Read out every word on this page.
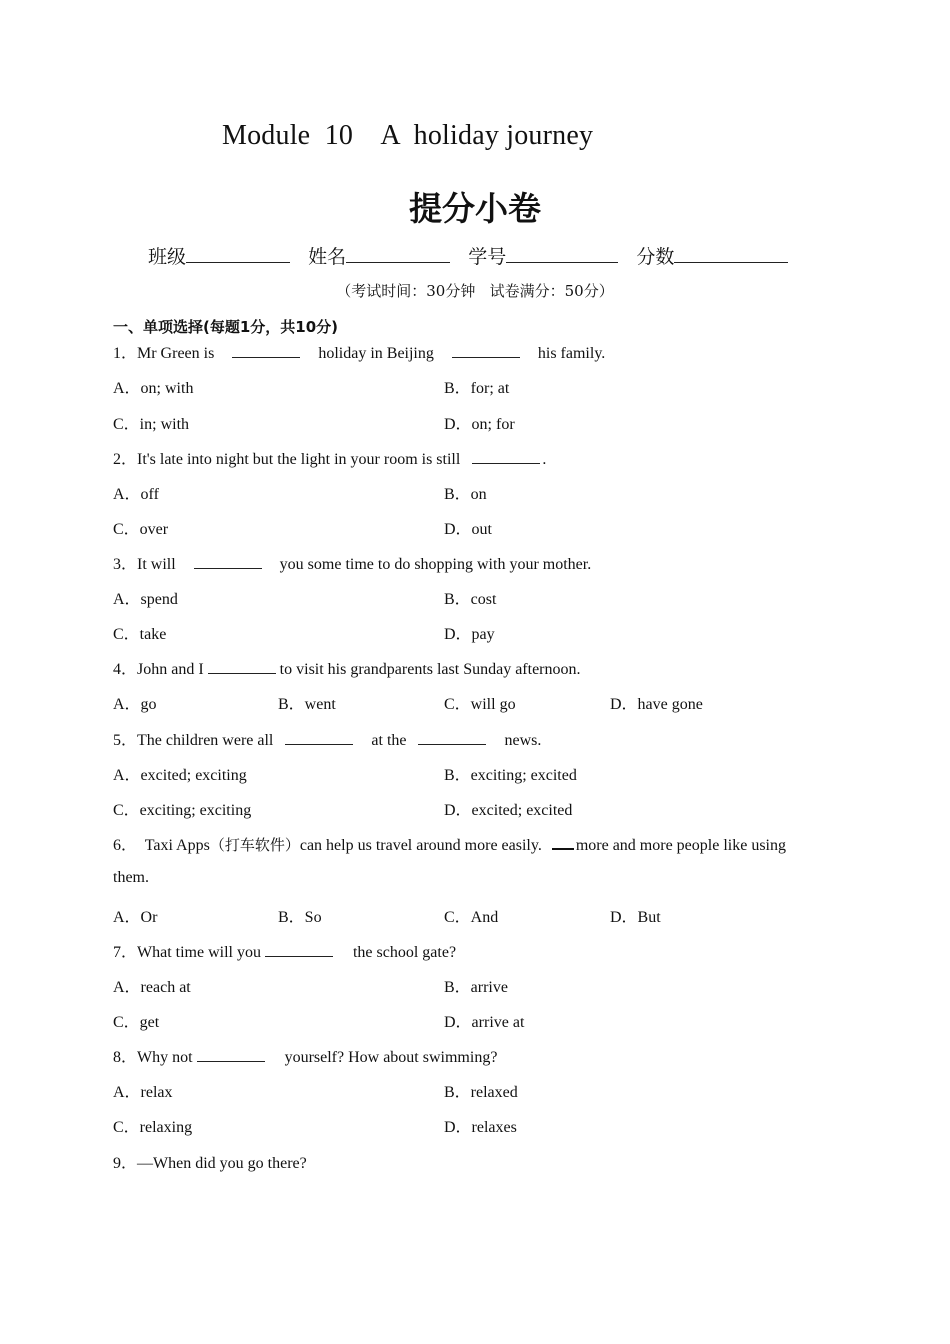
Module  10    A  holiday journey
提分小卷
班级	姓名	学号	分数
（考试时间：30分钟   试卷满分：50分）
一、单项选择(每题1分，共10分)
1．Mr Green is	holiday in Beijing	his family.
A．on; with	B．for; at
C．in; with	D．on; for
2．It's late into night but the light in your room is still	.
A．off	B．on
C．over	D．out
3．It will	you some time to do shopping with your mother.
A．spend	B．cost
C．take	D．pay
4．John and I	to visit his grandparents last Sunday afternoon.
A．go	B．went	C．will go	D．have gone
5．The children were all	at the	news.
A．excited; exciting	B．exciting; excited
C．exciting; exciting	D．excited; excited
6．  Taxi Apps（打车软件）can help us travel around more easily. more and more people like using
them.
A．Or	B．So	C．And	D．But
7．What time will you	the school gate?
A．reach at	B．arrive
C．get	D．arrive at
8．Why not	yourself? How about swimming?
A．relax	B．relaxed
C．relaxing	D．relaxes
9．—When did you go there?
